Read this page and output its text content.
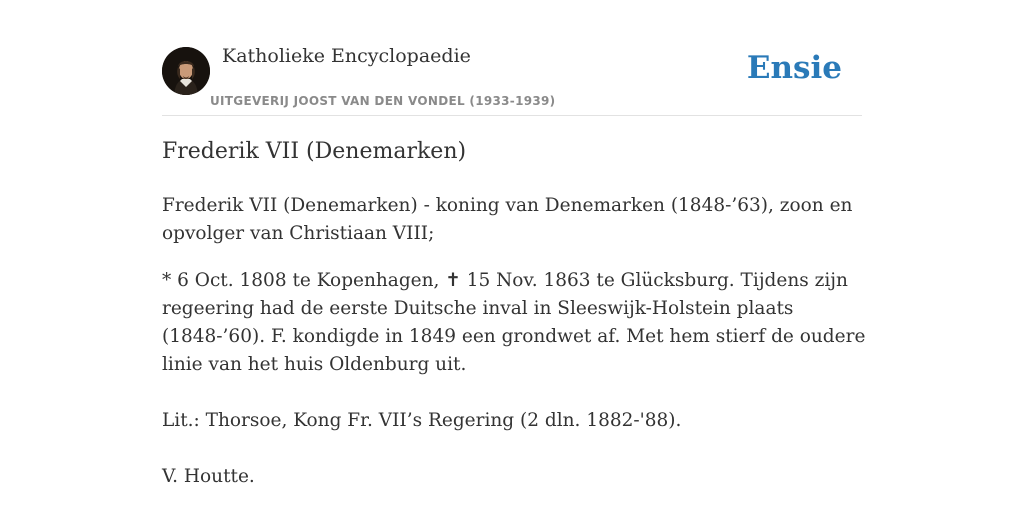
Katholieke Encyclopaedie
UITGEVERIJ JOOST VAN DEN VONDEL (1933-1939)
Ensie
Frederik VII (Denemarken)

Frederik VII (Denemarken) - koning van Denemarken (1848-’63), zoon en opvolger van Christiaan VIII;

* 6 Oct. 1808 te Kopenhagen, ✝ 15 Nov. 1863 te Glücksburg. Tijdens zijn regeering had de eerste Duitsche inval in Sleeswijk-Holstein plaats (1848-’60). F. kondigde in 1849 een grondwet af. Met hem stierf de oudere linie van het huis Oldenburg uit.

Lit.: Thorsoe, Kong Fr. VII’s Regering (2 dln. 1882-'88).

V. Houtte.
